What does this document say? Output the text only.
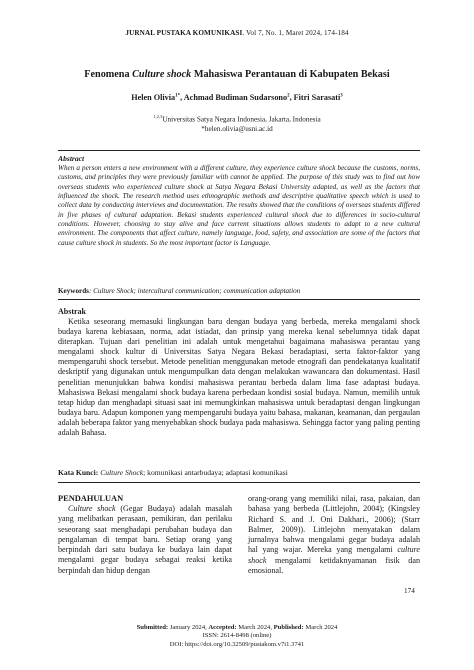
JURNAL PUSTAKA KOMUNIKASI. Vol 7, No. 1, Maret 2024, 174-184
Fenomena Culture shock Mahasiswa Perantauan di Kabupaten Bekasi
Helen Olivia$^{1*}$, Achmad Budiman Sudarsono$^2$, Fitri Sarasati$^3$
$^{1,2,3}$Universitas Satya Negara Indonesia, Jakarta, Indonesia
*helen.olivia@usni.ac.id
Abstract
When a person enters a new environment with a different culture, they experience culture shock because the customs, norms, customs, and principles they were previously familiar with cannot be applied. The purpose of this study was to find out how overseas students who experienced culture shock at Satya Negara Bekasi University adapted, as well as the factors that influenced the shock. The research method uses ethnographic methods and descriptive qualitative speech which is used to collect data by conducting interviews and documentation. The results showed that the conditions of overseas students differed in five phases of cultural adaptation. Bekasi students experienced cultural shock due to differences in socio-cultural conditions. However, choosing to stay alive and face current situations allows students to adapt to a new cultural environment. The components that affect culture, namely language, food, safety, and association are some of the factors that cause culture shock in students. So the most important factor is Language.
Keywords: Culture Shock; intercultural communication; communication adaptation
Abstrak
Ketika seseorang memasuki lingkungan baru dengan budaya yang berbeda, mereka mengalami shock budaya karena kebiasaan, norma, adat istiadat, dan prinsip yang mereka kenal sebelumnya tidak dapat diterapkan. Tujuan dari penelitian ini adalah untuk mengetahui bagaimana mahasiswa perantau yang mengalami shock kultur di Universitas Satya Negara Bekasi beradaptasi, serta faktor-faktor yang mempengaruhi shock tersebut. Metode penelitian menggunakan metode etnografi dan pendekatanya kualitatif deskriptif yang digunakan untuk mengumpulkan data dengan melakukan wawancara dan dokumentasi. Hasil penelitian menunjukkan bahwa kondisi mahasiswa perantau berbeda dalam lima fase adaptasi budaya. Mahasiswa Bekasi mengalami shock budaya karena perbedaan kondisi sosial budaya. Namun, memilih untuk tetap hidup dan menghadapi situasi saat ini memungkinkan mahasiswa untuk beradaptasi dengan lingkungan budaya baru. Adapun komponen yang mempengaruhi budaya yaitu bahasa, makanan, keamanan, dan pergaulan adalah beberapa faktor yang menyebabkan shock budaya pada mahasiswa. Sehingga factor yang paling penting adalah Bahasa.
Kata Kunci: Culture Shock; komunikasi antarbudaya; adaptasi komunikasi
PENDAHULUAN
Culture shock (Gegar Budaya) adalah masalah yang melibatkan perasaan, pemikiran, dan perilaku seseorang saat menghadapi perubahan budaya dan pengalaman di tempat baru. Setiap orang yang berpindah dari satu budaya ke budaya lain dapat mengalami gegar budaya sebagai reaksi ketika berpindah dan hidup dengan
orang-orang yang memiliki nilai, rasa, pakaian, dan bahasa yang berbeda (Littlejohn, 2004); (Kingsley Richard S. and J. Oni Dakhari., 2006); (Starr Balmer, 2009)). Littlejohn menyatakan dalam jurnalnya bahwa mengalami gegar budaya adalah hal yang wajar. Mereka yang mengalami culture shock mengalami ketidaknyamanan fisik dan emosional.
174
Submitted: January 2024, Accepted: March 2024, Published: March 2024
ISSN: 2614-8498 (online)
DOI: https://doi.org/10.32509/pustakom.v7i1.3741
